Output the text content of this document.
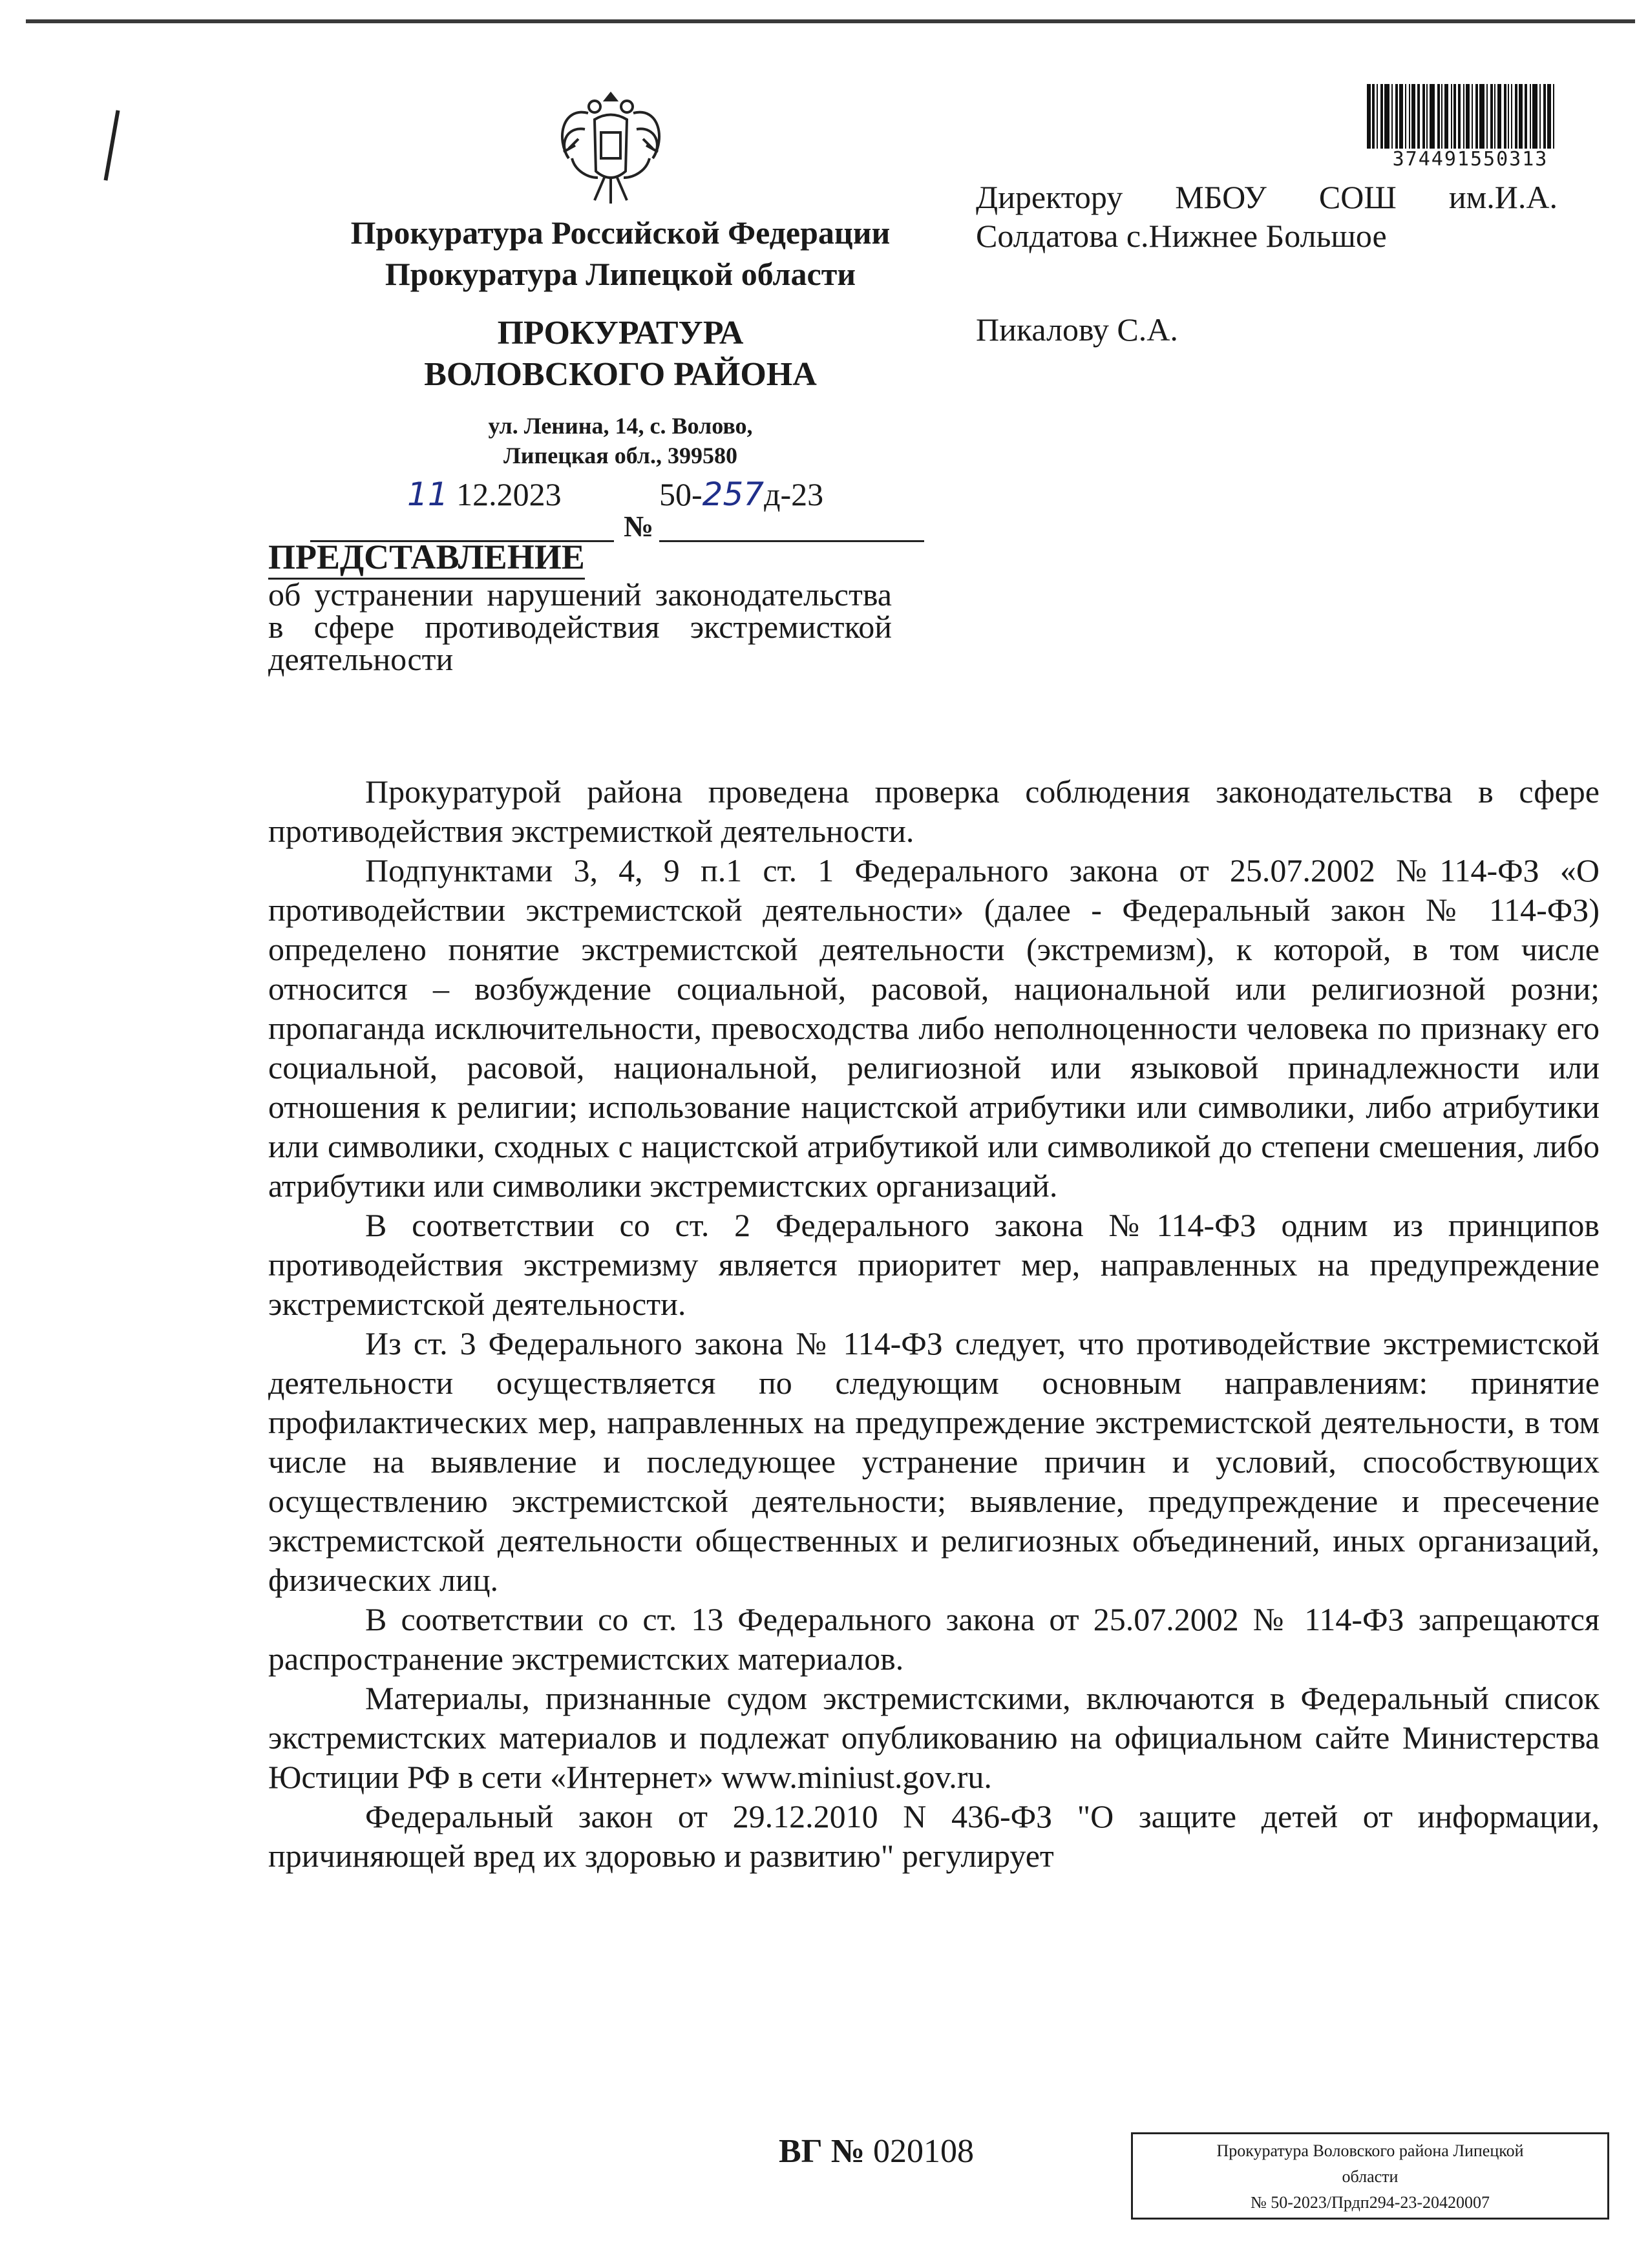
374491550313
Прокуратура Российской Федерации
Прокуратура Липецкой области
ПРОКУРАТУРА
ВОЛОВСКОГО РАЙОНА
ул. Ленина, 14, с. Волово,
Липецкая обл., 399580
11 12.2023	50-257д-23
№
ПРЕДСТАВЛЕНИЕ
об устранении нарушений законодательства в сфере противодействия экстремисткой деятельности
Директору МБОУ СОШ им.И.А. Солдатова с.Нижнее Большое
Пикалову С.А.

Прокуратурой района проведена проверка соблюдения законодательства в сфере противодействия экстремисткой деятельности.

Подпунктами 3, 4, 9 п.1 ст. 1 Федерального закона от 25.07.2002 №114-ФЗ «О противодействии экстремистской деятельности» (далее - Федеральный закон № 114-ФЗ) определено понятие экстремистской деятельности (экстремизм), к которой, в том числе относится – возбуждение социальной, расовой, национальной или религиозной розни; пропаганда исключительности, превосходства либо неполноценности человека по признаку его социальной, расовой, национальной, религиозной или языковой принадлежности или отношения к религии; использование нацистской атрибутики или символики, либо атрибутики или символики, сходных с нацистской атрибутикой или символикой до степени смешения, либо атрибутики или символики экстремистских организаций.

В соответствии со ст. 2 Федерального закона №114-ФЗ одним из принципов противодействия экстремизму является приоритет мер, направленных на предупреждение экстремистской деятельности.

Из ст. 3 Федерального закона № 114-ФЗ следует, что противодействие экстремистской деятельности осуществляется по следующим основным направлениям: принятие профилактических мер, направленных на предупреждение экстремистской деятельности, в том числе на выявление и последующее устранение причин и условий, способствующих осуществлению экстремистской деятельности; выявление, предупреждение и пресечение экстремистской деятельности общественных и религиозных объединений, иных организаций, физических лиц.

В соответствии со ст. 13 Федерального закона от 25.07.2002 № 114-ФЗ запрещаются распространение экстремистских материалов.

Материалы, признанные судом экстремистскими, включаются в Федеральный список экстремистских материалов и подлежат опубликованию на официальном сайте Министерства Юстиции РФ в сети «Интернет» www.miniust.gov.ru.

Федеральный закон от 29.12.2010 N 436-ФЗ "О защите детей от информации, причиняющей вред их здоровью и развитию" регулирует

ВГ № 020108	Прокуратура Воловского района Липецкой
области
№ 50-2023/Прдп294-23-20420007
